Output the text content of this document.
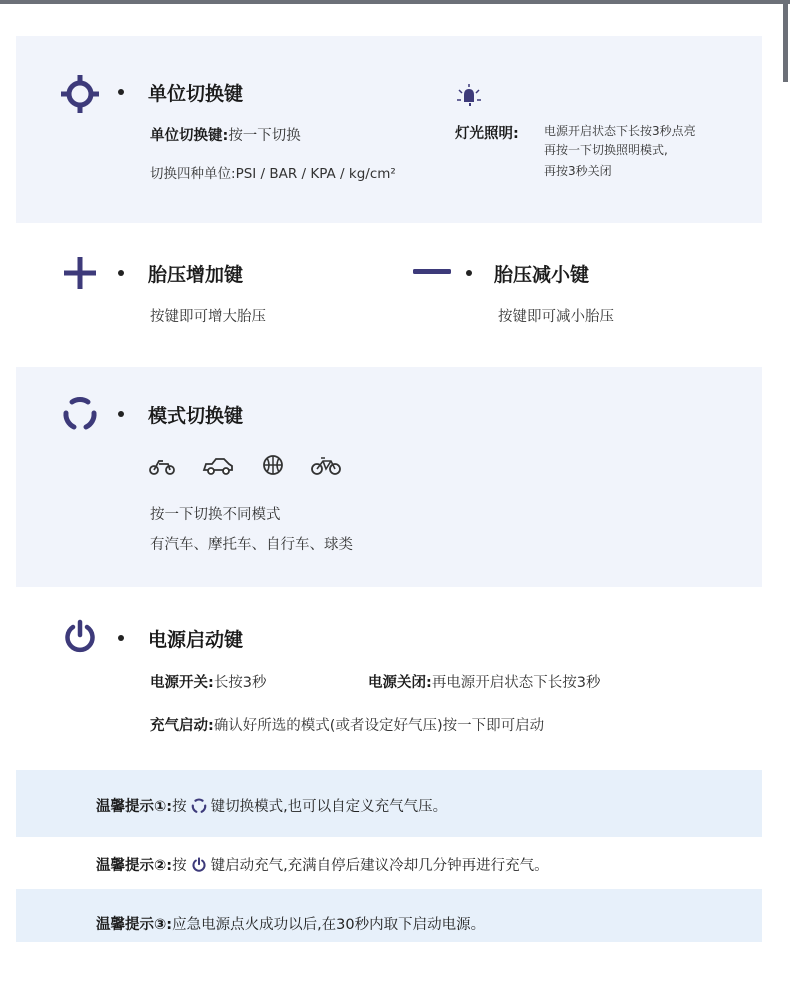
单位切换键
单位切换键:按一下切换
切换四种单位:PSI / BAR / KPA / kg/cm²
灯光照明: 电源开启状态下长按3秒点亮
再按一下切换照明模式,
再按3秒关闭
胎压增加键
按键即可增大胎压
胎压减小键
按键即可减小胎压
模式切换键
按一下切换不同模式
有汽车、摩托车、自行车、球类
电源启动键
电源开关:长按3秒	电源关闭:再电源开启状态下长按3秒
充气启动:确认好所选的模式(或者设定好气压)按一下即可启动
温馨提示①:按 键切换模式,也可以自定义充气气压。
温馨提示②:按 键启动充气,充满自停后建议冷却几分钟再进行充气。
温馨提示③:应急电源点火成功以后,在30秒内取下启动电源。
